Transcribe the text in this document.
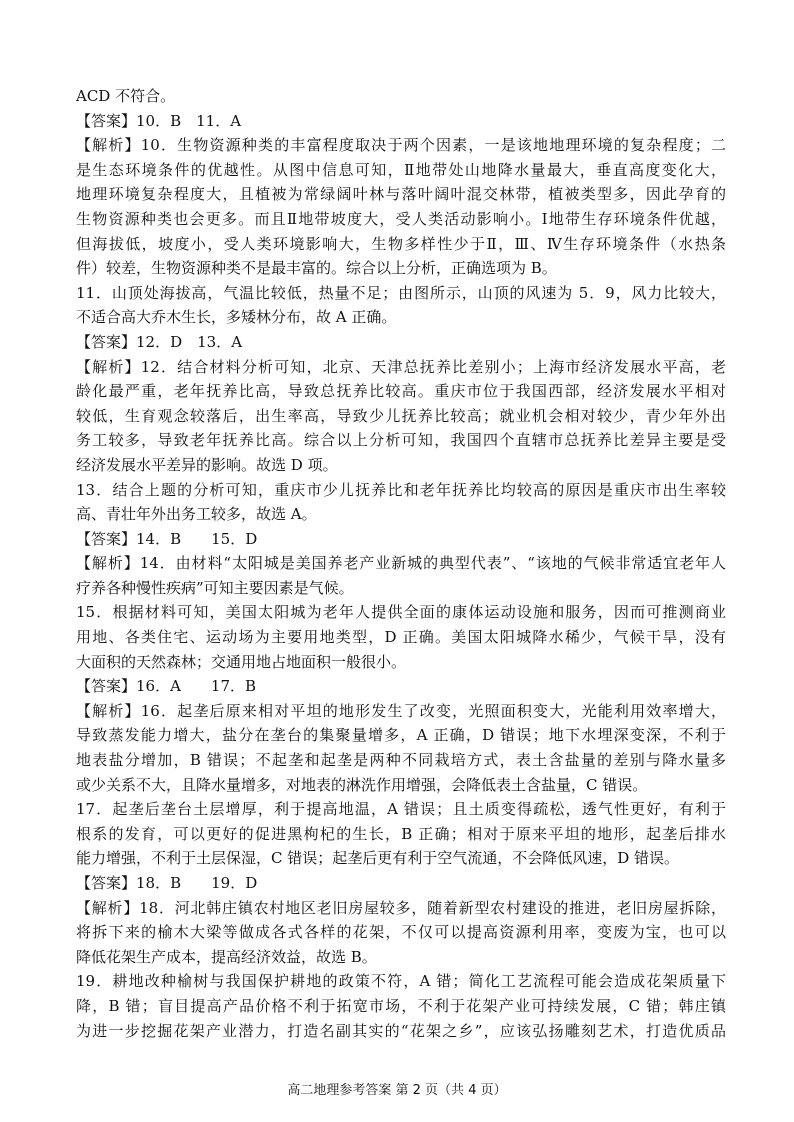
ACD 不符合。
【答案】10．B　11．A
【解析】10．生物资源种类的丰富程度取决于两个因素，一是该地地理环境的复杂程度；二
是生态环境条件的优越性。从图中信息可知，Ⅱ地带处山地降水量最大，垂直高度变化大，
地理环境复杂程度大，且植被为常绿阔叶林与落叶阔叶混交林带，植被类型多，因此孕育的
生物资源种类也会更多。而且Ⅱ地带坡度大，受人类活动影响小。Ⅰ地带生存环境条件优越，
但海拔低，坡度小，受人类环境影响大，生物多样性少于Ⅱ，Ⅲ、Ⅳ生存环境条件（水热条
件）较差，生物资源种类不是最丰富的。综合以上分析，正确选项为 B。
11．山顶处海拔高，气温比较低，热量不足；由图所示，山顶的风速为 5．9，风力比较大，
不适合高大乔木生长，多矮林分布，故 A 正确。
【答案】12．D　13．A
【解析】12．结合材料分析可知，北京、天津总抚养比差别小；上海市经济发展水平高，老
龄化最严重，老年抚养比高，导致总抚养比较高。重庆市位于我国西部，经济发展水平相对
较低，生育观念较落后，出生率高，导致少儿抚养比较高；就业机会相对较少，青少年外出
务工较多，导致老年抚养比高。综合以上分析可知，我国四个直辖市总抚养比差异主要是受
经济发展水平差异的影响。故选 D 项。
13．结合上题的分析可知，重庆市少儿抚养比和老年抚养比均较高的原因是重庆市出生率较
高、青壮年外出务工较多，故选 A。
【答案】14．B　　15．D
【解析】14．由材料“太阳城是美国养老产业新城的典型代表”、“该地的气候非常适宜老年人
疗养各种慢性疾病”可知主要因素是气候。
15．根据材料可知，美国太阳城为老年人提供全面的康体运动设施和服务，因而可推测商业
用地、各类住宅、运动场为主要用地类型，D 正确。美国太阳城降水稀少，气候干旱，没有
大面积的天然森林；交通用地占地面积一般很小。
【答案】16．A　　17．B
【解析】16．起垄后原来相对平坦的地形发生了改变，光照面积变大，光能利用效率增大，
导致蒸发能力增大，盐分在垄台的集聚量增多，A 正确，D 错误；地下水埋深变深，不利于
地表盐分增加，B 错误；不起垄和起垄是两种不同栽培方式，表土含盐量的差别与降水量多
或少关系不大，且降水量增多，对地表的淋洗作用增强，会降低表土含盐量，C 错误。
17．起垄后垄台土层增厚，利于提高地温，A 错误；且土质变得疏松，透气性更好，有利于
根系的发育，可以更好的促进黑枸杞的生长，B 正确；相对于原来平坦的地形，起垄后排水
能力增强，不利于土层保湿，C 错误；起垄后更有利于空气流通，不会降低风速，D 错误。
【答案】18．B　　19．D
【解析】18．河北韩庄镇农村地区老旧房屋较多，随着新型农村建设的推进，老旧房屋拆除，
将拆下来的榆木大梁等做成各式各样的花架，不仅可以提高资源利用率，变废为宝，也可以
降低花架生产成本，提高经济效益，故选 B。
19．耕地改种榆树与我国保护耕地的政策不符，A 错；简化工艺流程可能会造成花架质量下
降，B 错；盲目提高产品价格不利于拓宽市场，不利于花架产业可持续发展，C 错；韩庄镇
为进一步挖掘花架产业潜力，打造名副其实的“花架之乡”，应该弘扬雕刻艺术，打造优质品
高二地理参考答案 第 2 页（共 4 页）
